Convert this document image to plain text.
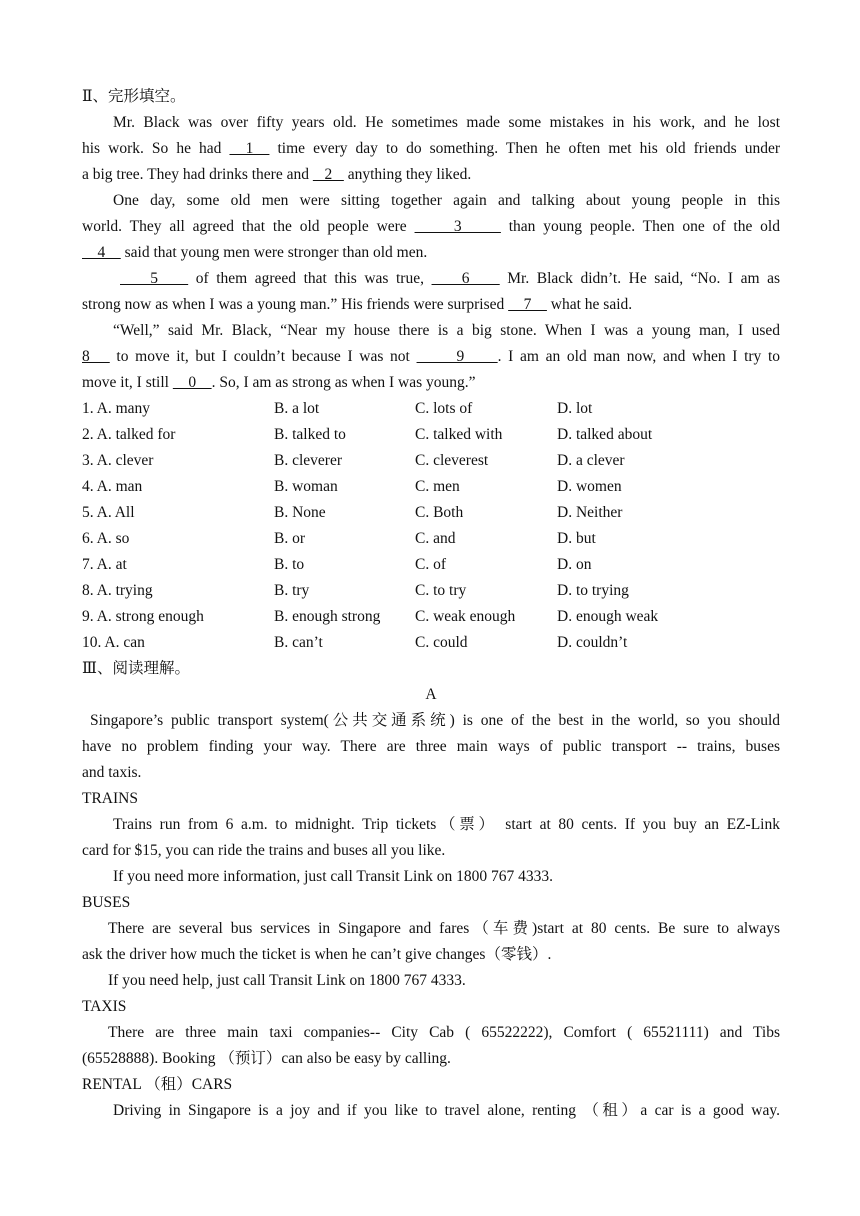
Ⅱ、完形填空。
Mr. Black was over fifty years old. He sometimes made some mistakes in his work, and he lost
his work. So he had   1   time every day to do something. Then he often met his old friends under
a big tree. They had drinks there and    2    anything they liked.
One day, some old men were sitting together again and talking about young people in this
world. They all agreed that the old people were      3      than young people. Then one of the old
4     said that young men were stronger than old men.
5     of them agreed that this was true,     6     Mr. Black didn’t. He said, “No. I am as
strong now as when I was a young man.” His friends were surprised     7     what he said.
“Well,” said Mr. Black, “Near my house there is a big stone. When I was a young man, I used
8    to move it, but I couldn’t because I was not       9     . I am an old man now, and when I try to
move it, I still     0    . So, I am as strong as when I was young.”
1. A. many	B. a lot	C. lots of	D. lot
2. A. talked for	B. talked to	C. talked with	D. talked about
3. A. clever	B. cleverer	C. cleverest	D. a clever
4. A. man	B. woman	C. men	D. women
5. A. All	B. None	C. Both	D. Neither
6. A. so	B. or	C. and	D. but
7. A. at	B. to	C. of	D. on
8. A. trying	B. try	C. to try	D. to trying
9. A. strong enough	B. enough strong	C. weak enough	D. enough weak
10. A. can	B. can’t	C. could	D. couldn’t
Ⅲ、阅读理解。
A
Singapore’s public transport system(公共交通系统) is one of the best in the world, so you should
have no problem finding your way. There are three main ways of public transport -- trains, buses
and taxis.
TRAINS
Trains run from 6 a.m. to midnight. Trip tickets（票） start at 80 cents. If you buy an EZ-Link
card for $15, you can ride the trains and buses all you like.
If you need more information, just call Transit Link on 1800 767 4333.
BUSES
There are several bus services in Singapore and fares（车费)start at 80 cents. Be sure to always
ask the driver how much the ticket is when he can’t give changes（零钱）.
If you need help, just call Transit Link on 1800 767 4333.
TAXIS
There are three main taxi companies-- City Cab ( 65522222), Comfort ( 65521111) and Tibs
(65528888). Booking （预订）can also be easy by calling.
RENTAL （租）CARS
Driving in Singapore is a joy and if you like to travel alone, renting （租）a car is a good way.
